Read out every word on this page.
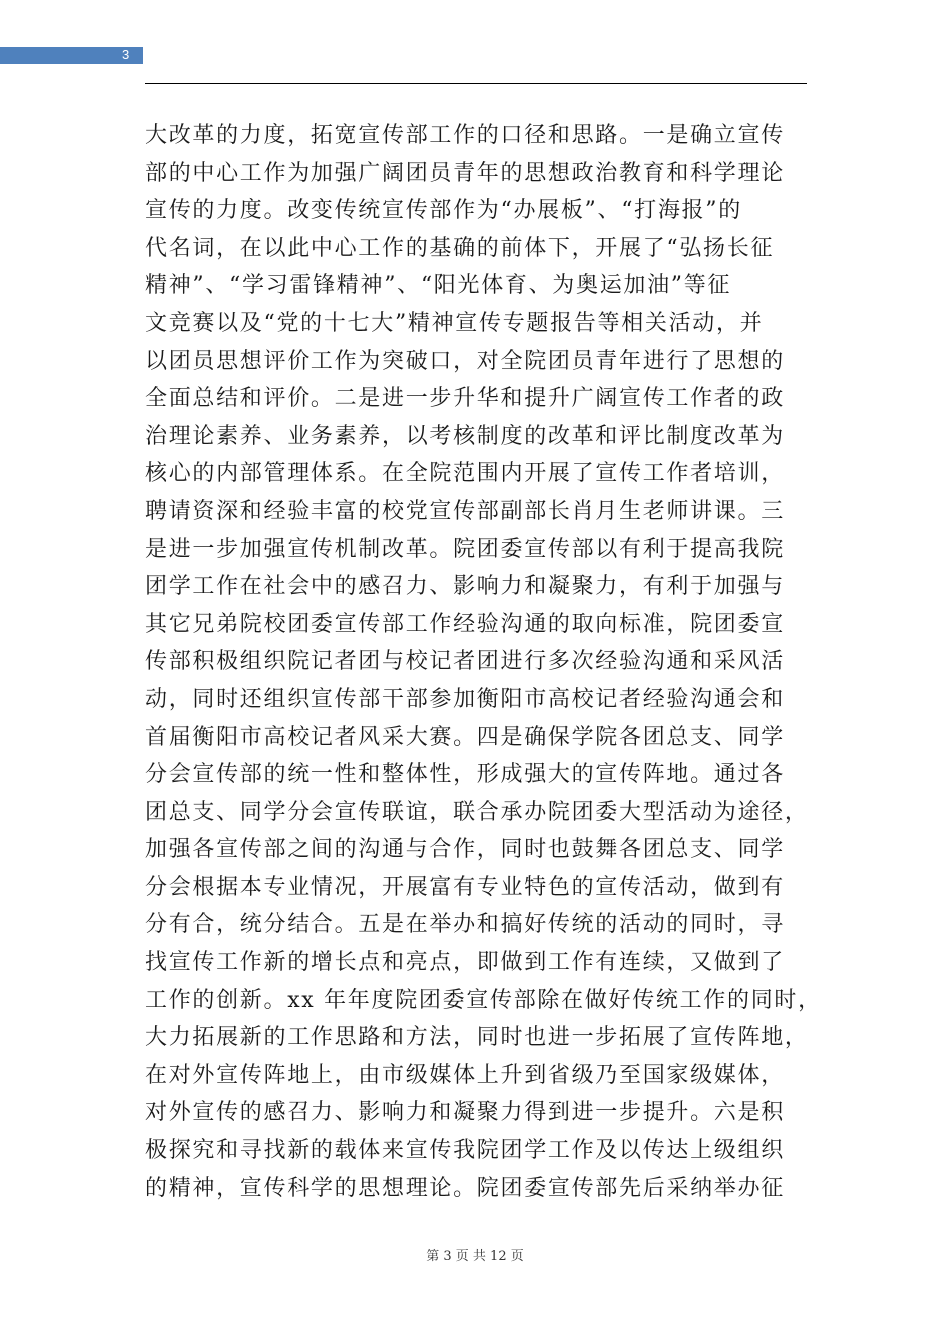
3
大改革的力度，拓宽宣传部工作的口径和思路。一是确立宣传
部的中心工作为加强广阔团员青年的思想政治教育和科学理论
宣传的力度。改变传统宣传部作为“办展板”、“打海报”的
代名词，在以此中心工作的基确的前体下，开展了“弘扬长征
精神”、“学习雷锋精神”、“阳光体育、为奥运加油”等征
文竞赛以及“党的十七大”精神宣传专题报告等相关活动，并
以团员思想评价工作为突破口，对全院团员青年进行了思想的
全面总结和评价。二是进一步升华和提升广阔宣传工作者的政
治理论素养、业务素养，以考核制度的改革和评比制度改革为
核心的内部管理体系。在全院范围内开展了宣传工作者培训，
聘请资深和经验丰富的校党宣传部副部长肖月生老师讲课。三
是进一步加强宣传机制改革。院团委宣传部以有利于提高我院
团学工作在社会中的感召力、影响力和凝聚力，有利于加强与
其它兄弟院校团委宣传部工作经验沟通的取向标准，院团委宣
传部积极组织院记者团与校记者团进行多次经验沟通和采风活
动，同时还组织宣传部干部参加衡阳市高校记者经验沟通会和
首届衡阳市高校记者风采大赛。四是确保学院各团总支、同学
分会宣传部的统一性和整体性，形成强大的宣传阵地。通过各
团总支、同学分会宣传联谊，联合承办院团委大型活动为途径，
加强各宣传部之间的沟通与合作，同时也鼓舞各团总支、同学
分会根据本专业情况，开展富有专业特色的宣传活动，做到有
分有合，统分结合。五是在举办和搞好传统的活动的同时，寻
找宣传工作新的增长点和亮点，即做到工作有连续，又做到了
工作的创新。xx 年年度院团委宣传部除在做好传统工作的同时，
大力拓展新的工作思路和方法，同时也进一步拓展了宣传阵地，
在对外宣传阵地上，由市级媒体上升到省级乃至国家级媒体，
对外宣传的感召力、影响力和凝聚力得到进一步提升。六是积
极探究和寻找新的载体来宣传我院团学工作及以传达上级组织
的精神，宣传科学的思想理论。院团委宣传部先后采纳举办征
第 3 页 共 12 页
